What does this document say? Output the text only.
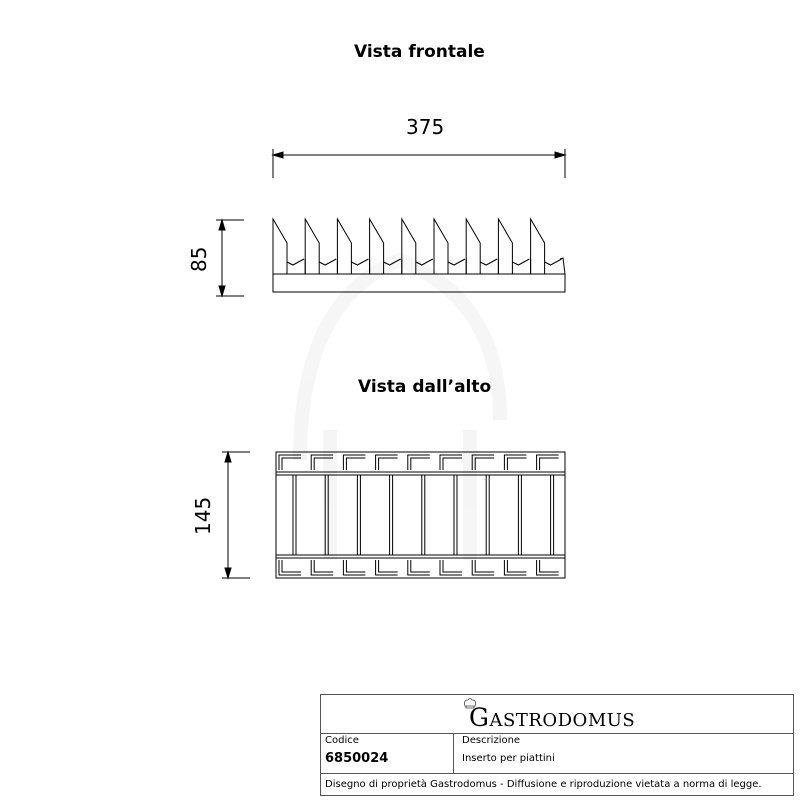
Vista frontale
Vista dall’alto
375
85
145
GASTRODOMUS
Codice
6850024
Descrizione
Inserto per piattini
Disegno di proprietà Gastrodomus - Diffusione e riproduzione vietata a norma di legge.
